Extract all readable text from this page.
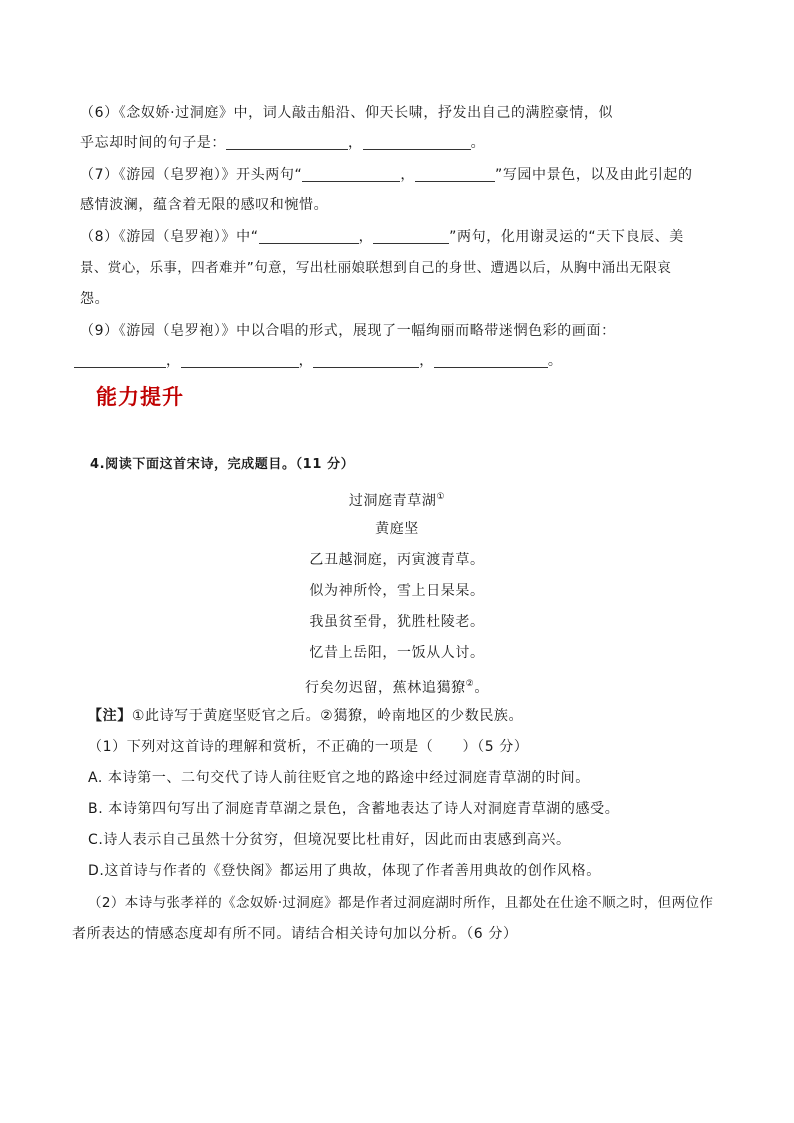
（6）《念奴娇·过洞庭》中，词人敲击船沿、仰天长啸，抒发出自己的满腔豪情，似
乎忘却时间的句子是：	，	。
（7）《游园（皂罗袍）》开头两句“	，	”写园中景色，以及由此引起的
感情波澜，蕴含着无限的感叹和惋惜。
（8）《游园（皂罗袍）》中“	，	”两句，化用谢灵运的“天下良辰、美
景、赏心，乐事，四者难并”句意，写出杜丽娘联想到自己的身世、遭遇以后，从胸中涌出无限哀
怨。
（9）《游园（皂罗袍）》中以合唱的形式，展现了一幅绚丽而略带迷惘色彩的画面：
，	，	，	。
能力提升
4.阅读下面这首宋诗，完成题目。（11 分）
过洞庭青草湖①
黄庭坚
乙丑越洞庭，丙寅渡青草。
似为神所怜，雪上日杲杲。
我虽贫至骨，犹胜杜陵老。
忆昔上岳阳，一饭从人讨。
行矣勿迟留，蕉林追獦獠②。
【注】①此诗写于黄庭坚贬官之后。②獦獠，岭南地区的少数民族。
（1）下列对这首诗的理解和赏析，不正确的一项是（　　）（5 分）
A. 本诗第一、二句交代了诗人前往贬官之地的路途中经过洞庭青草湖的时间。
B. 本诗第四句写出了洞庭青草湖之景色，含蓄地表达了诗人对洞庭青草湖的感受。
C.诗人表示自己虽然十分贫穷，但境况要比杜甫好，因此而由衷感到高兴。
D.这首诗与作者的《登快阁》都运用了典故，体现了作者善用典故的创作风格。
（2）本诗与张孝祥的《念奴娇·过洞庭》都是作者过洞庭湖时所作，且都处在仕途不顺之时，但两位作
者所表达的情感态度却有所不同。请结合相关诗句加以分析。（6 分）
